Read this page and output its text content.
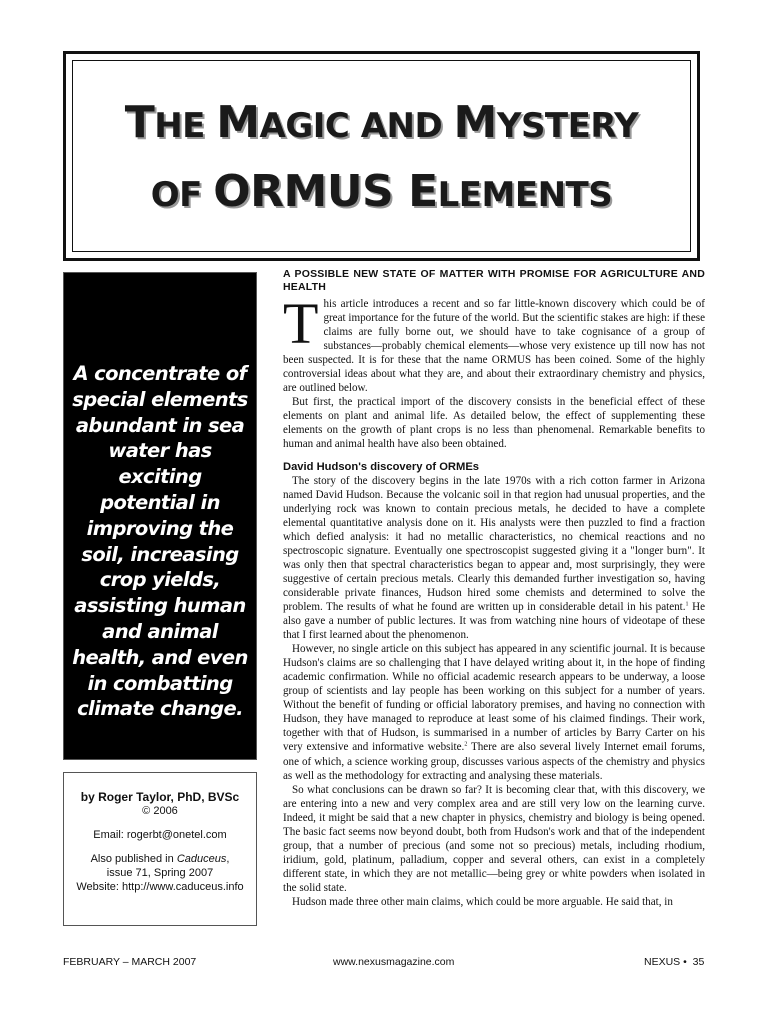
THE MAGIC AND MYSTERY
OF ORMUS ELEMENTS
A concentrate of special elements abundant in sea water has exciting potential in improving the soil, increasing crop yields, assisting human and animal health, and even in combatting climate change.
by Roger Taylor, PhD, BVSc
© 2006
Email: rogerbt@onetel.com
Also published in Caduceus,
issue 71, Spring 2007
Website: http://www.caduceus.info
A POSSIBLE NEW STATE OF MATTER WITH PROMISE FOR AGRICULTURE AND HEALTH

This article introduces a recent and so far little-known discovery which could be of great importance for the future of the world. But the scientific stakes are high: if these claims are fully borne out, we should have to take cognisance of a group of substances—probably chemical elements—whose very existence up till now has not been suspected. It is for these that the name ORMUS has been coined. Some of the highly controversial ideas about what they are, and about their extraordinary chemistry and physics, are outlined below.

But first, the practical import of the discovery consists in the beneficial effect of these elements on plant and animal life. As detailed below, the effect of supplementing these elements on the growth of plant crops is no less than phenomenal. Remarkable benefits to human and animal health have also been obtained.

David Hudson's discovery of ORMEs

The story of the discovery begins in the late 1970s with a rich cotton farmer in Arizona named David Hudson. Because the volcanic soil in that region had unusual properties, and the underlying rock was known to contain precious metals, he decided to have a complete elemental quantitative analysis done on it. His analysts were then puzzled to find a fraction which defied analysis: it had no metallic characteristics, no chemical reactions and no spectroscopic signature. Eventually one spectroscopist suggested giving it a "longer burn". It was only then that spectral characteristics began to appear and, most surprisingly, they were suggestive of certain precious metals. Clearly this demanded further investigation so, having considerable private finances, Hudson hired some chemists and determined to solve the problem. The results of what he found are written up in considerable detail in his patent.$^1$ He also gave a number of public lectures. It was from watching nine hours of videotape of these that I first learned about the phenomenon.

However, no single article on this subject has appeared in any scientific journal. It is because Hudson's claims are so challenging that I have delayed writing about it, in the hope of finding academic confirmation. While no official academic research appears to be underway, a loose group of scientists and lay people has been working on this subject for a number of years. Without the benefit of funding or official laboratory premises, and having no connection with Hudson, they have managed to reproduce at least some of his claimed findings. Their work, together with that of Hudson, is summarised in a number of articles by Barry Carter on his very extensive and informative website.$^2$ There are also several lively Internet email forums, one of which, a science working group, discusses various aspects of the chemistry and physics as well as the methodology for extracting and analysing these materials.

So what conclusions can be drawn so far? It is becoming clear that, with this discovery, we are entering into a new and very complex area and are still very low on the learning curve. Indeed, it might be said that a new chapter in physics, chemistry and biology is being opened. The basic fact seems now beyond doubt, both from Hudson's work and that of the independent group, that a number of precious (and some not so precious) metals, including rhodium, iridium, gold, platinum, palladium, copper and several others, can exist in a completely different state, in which they are not metallic—being grey or white powders when isolated in the solid state.

Hudson made three other main claims, which could be more arguable. He said that, in

FEBRUARY – MARCH 2007	www.nexusmagazine.com	NEXUS • 35
